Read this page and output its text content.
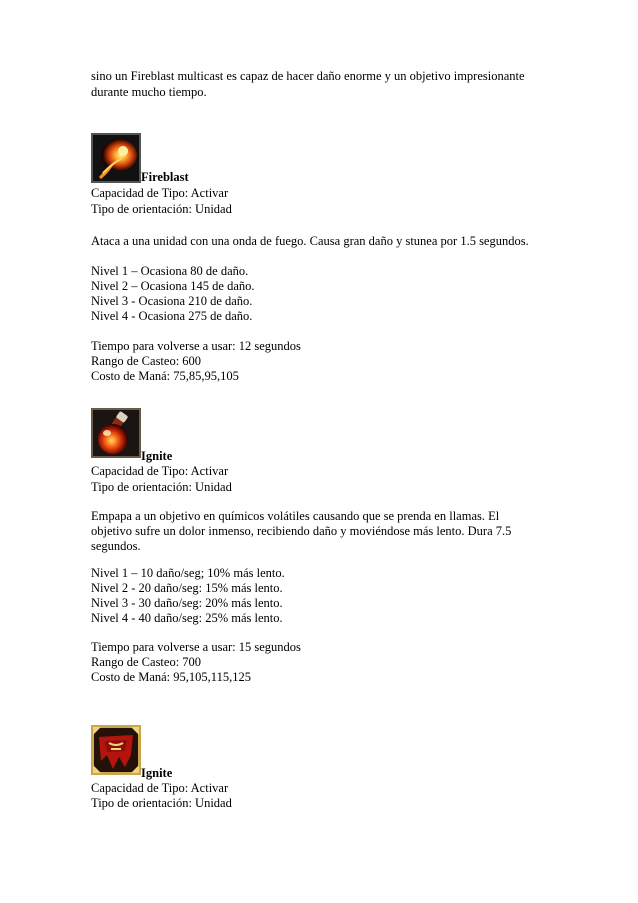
sino un Fireblast multicast es capaz de hacer daño enorme y un objetivo impresionante
durante mucho tiempo.
Fireblast
Capacidad de Tipo: Activar
Tipo de orientación: Unidad
Ataca a una unidad con una onda de fuego. Causa gran daño y stunea por 1.5 segundos.
Nivel 1 – Ocasiona 80 de daño.
Nivel 2 – Ocasiona 145 de daño.
Nivel 3 - Ocasiona 210 de daño.
Nivel 4 - Ocasiona 275 de daño.
Tiempo para volverse a usar: 12 segundos
Rango de Casteo: 600
Costo de Maná: 75,85,95,105
Ignite
Capacidad de Tipo: Activar
Tipo de orientación: Unidad
Empapa a un objetivo en químicos volátiles causando que se prenda en llamas. El
objetivo sufre un dolor inmenso, recibiendo daño y moviéndose más lento. Dura 7.5
segundos.
Nivel 1 – 10 daño/seg; 10% más lento.
Nivel 2 - 20 daño/seg: 15% más lento.
Nivel 3 - 30 daño/seg: 20% más lento.
Nivel 4 - 40 daño/seg: 25% más lento.
Tiempo para volverse a usar: 15 segundos
Rango de Casteo: 700
Costo de Maná: 95,105,115,125
Ignite
Capacidad de Tipo: Activar
Tipo de orientación: Unidad
